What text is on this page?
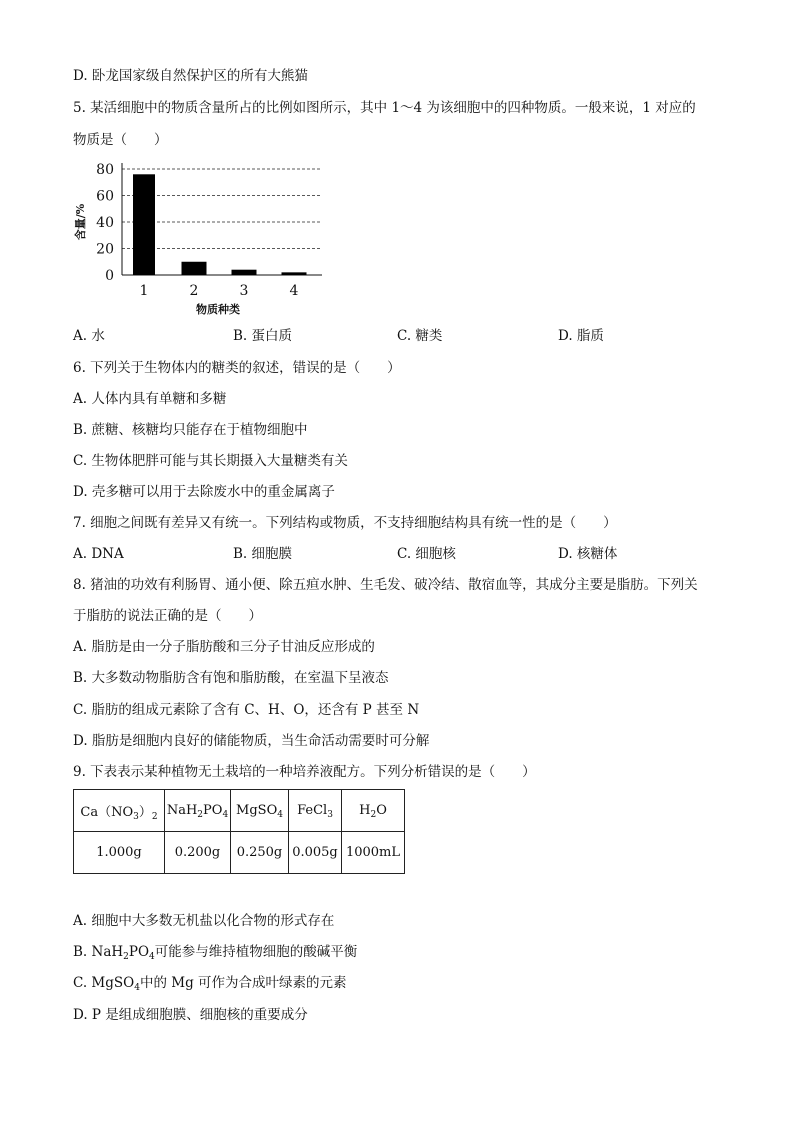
D. 卧龙国家级自然保护区的所有大熊猫
5. 某活细胞中的物质含量所占的比例如图所示，其中 1～4 为该细胞中的四种物质。一般来说，1 对应的
物质是（　　）
0
20
40
60
80
1	2	3	4
含量/%
物质种类
A. 水	B. 蛋白质	C. 糖类	D. 脂质
6. 下列关于生物体内的糖类的叙述，错误的是（　　）
A. 人体内具有单糖和多糖
B. 蔗糖、核糖均只能存在于植物细胞中
C. 生物体肥胖可能与其长期摄入大量糖类有关
D. 壳多糖可以用于去除废水中的重金属离子
7. 细胞之间既有差异又有统一。下列结构或物质，不支持细胞结构具有统一性的是（　　）
A. DNA	B. 细胞膜	C. 细胞核	D. 核糖体
8. 猪油的功效有利肠胃、通小便、除五疸水肿、生毛发、破冷结、散宿血等，其成分主要是脂肪。下列关
于脂肪的说法正确的是（　　）
A. 脂肪是由一分子脂肪酸和三分子甘油反应形成的
B. 大多数动物脂肪含有饱和脂肪酸，在室温下呈液态
C. 脂肪的组成元素除了含有 C、H、O，还含有 P 甚至 N
D. 脂肪是细胞内良好的储能物质，当生命活动需要时可分解
9. 下表表示某种植物无土栽培的一种培养液配方。下列分析错误的是（　　）
$Ca(NO_3)_2$	$NaH_2PO_4$	MgSO$_4$	FeCl$_3$	$H_2O$
1.000g	0.200g	0.250g	0.005g	1000mL
A. 细胞中大多数无机盐以化合物的形式存在
B. $NaH_2PO_4$可能参与维持植物细胞的酸碱平衡
C. MgSO$_4$中的 Mg 可作为合成叶绿素的元素
D. P 是组成细胞膜、细胞核的重要成分
